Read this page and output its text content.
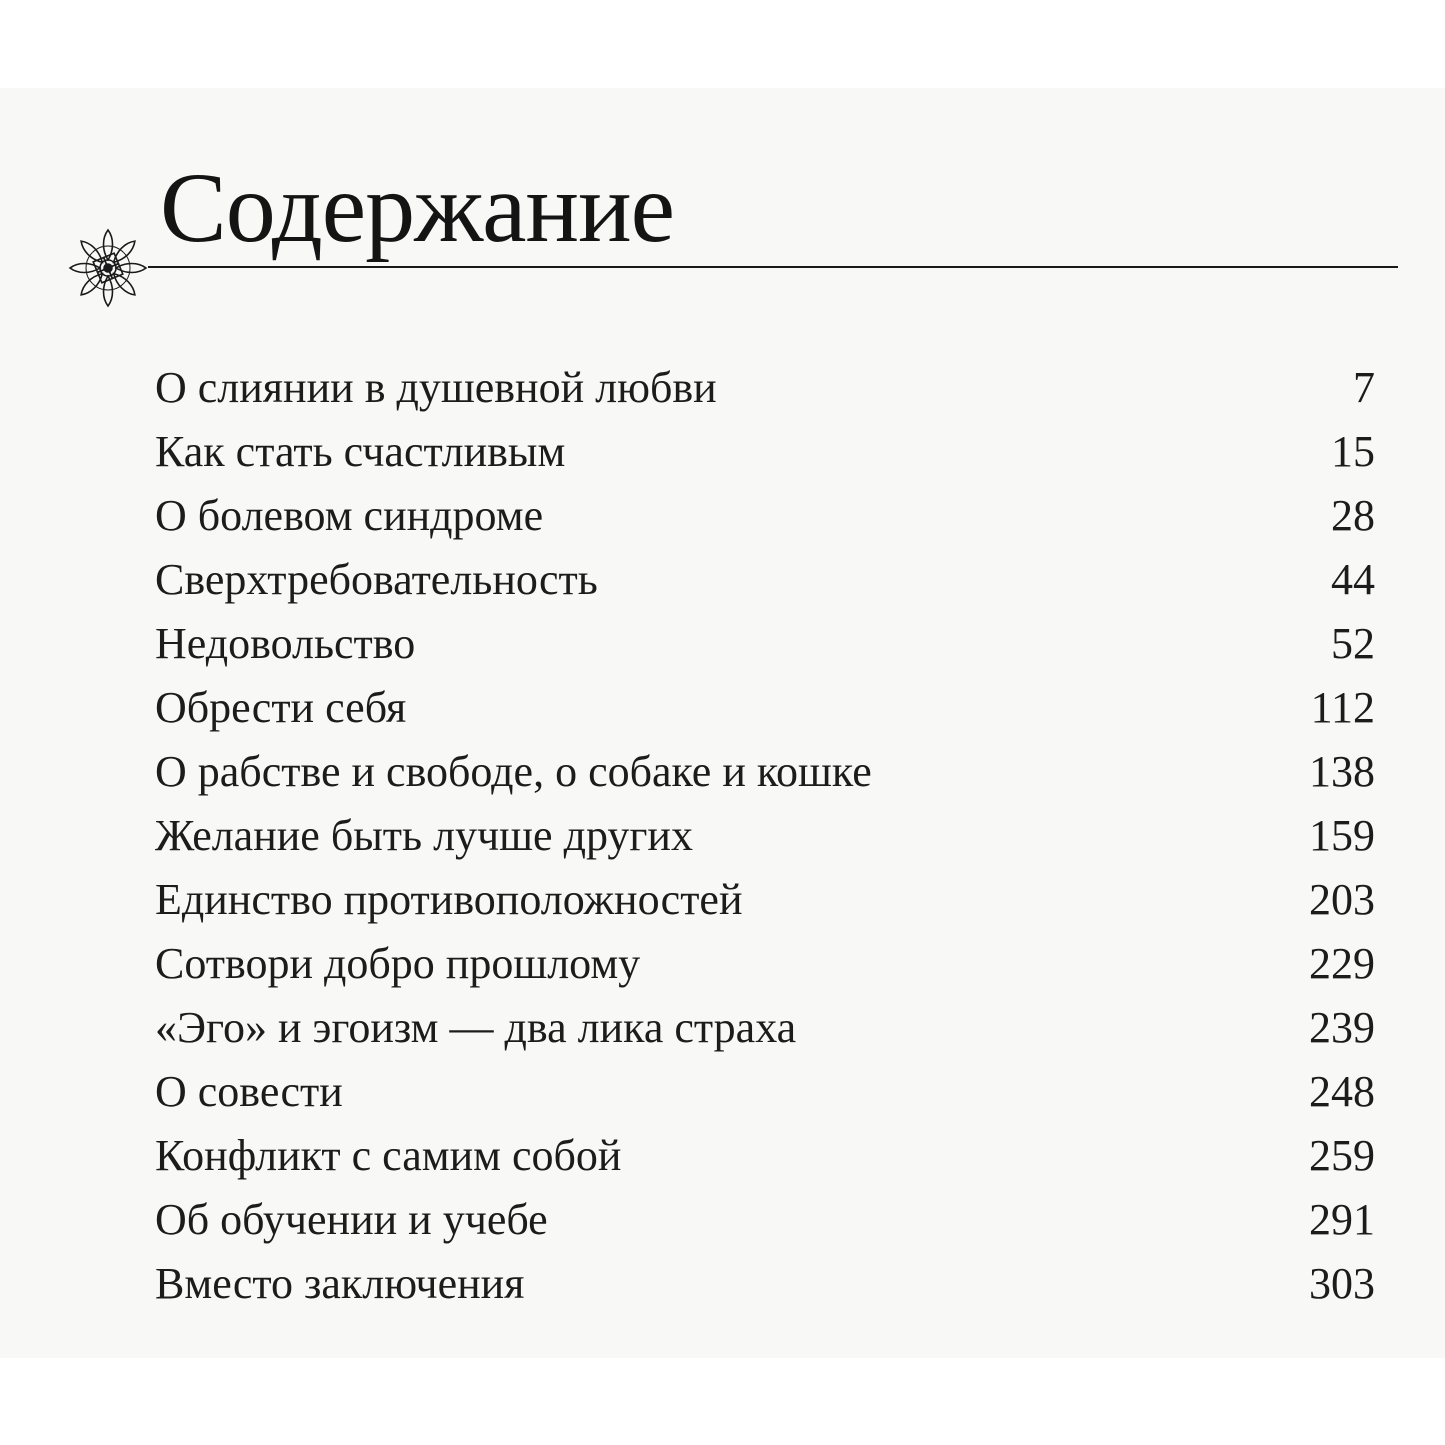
Содержание
О слиянии в душевной любви	7
Как стать счастливым	15
О болевом синдроме	28
Сверхтребовательность	44
Недовольство	52
Обрести себя	112
О рабстве и свободе, о собаке и кошке	138
Желание быть лучше других	159
Единство противоположностей	203
Сотвори добро прошлому	229
«Эго» и эгоизм — два лика страха	239
О совести	248
Конфликт с самим собой	259
Об обучении и учебе	291
Вместо заключения	303
